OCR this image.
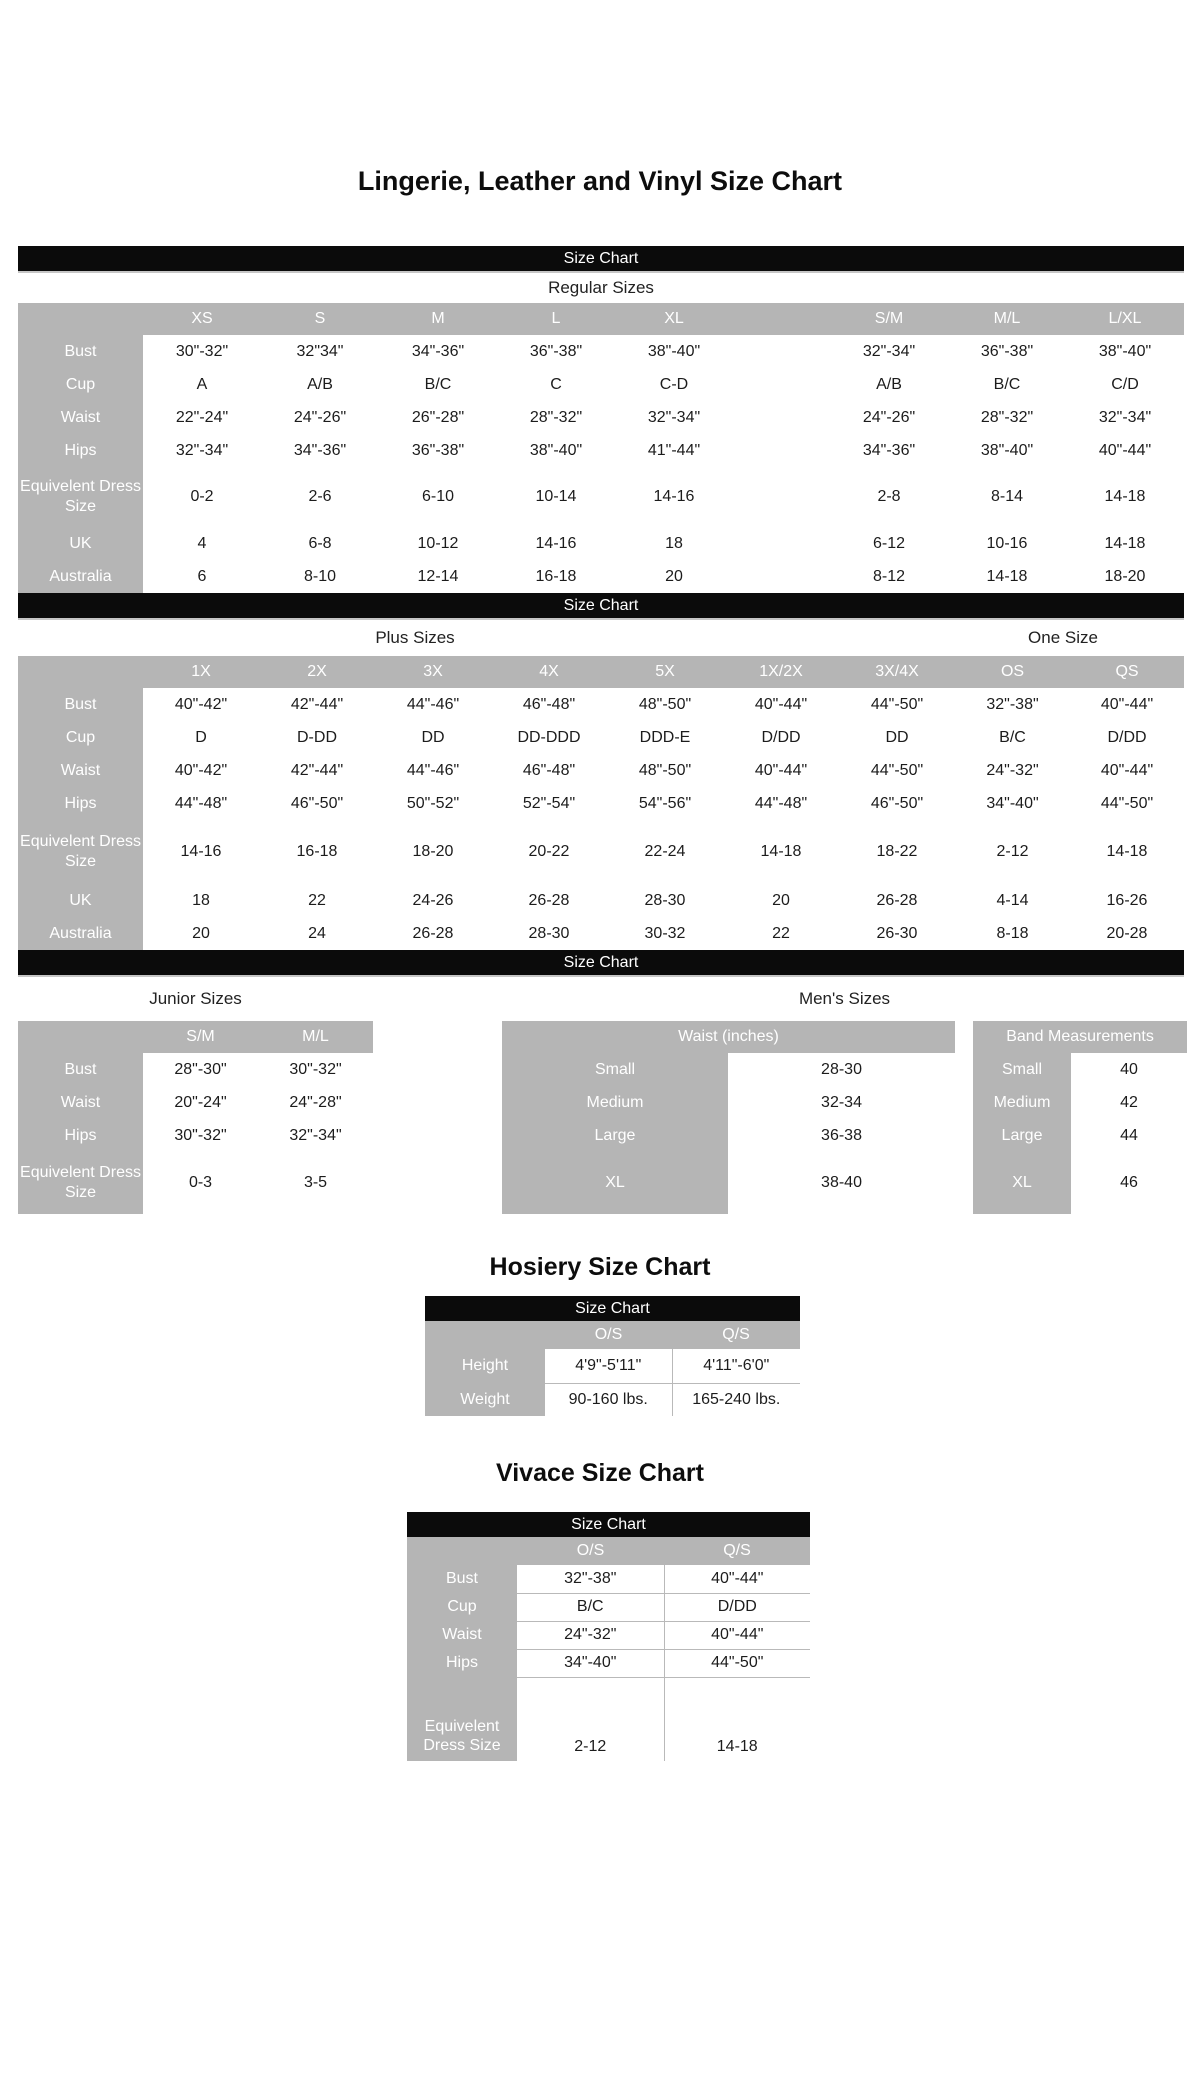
Lingerie, Leather and Vinyl Size Chart
Size Chart
Regular Sizes
	XS	S	M	L	XL		S/M	M/L	L/XL
Bust	30"-32"	32"34"	34"-36"	36"-38"	38"-40"		32"-34"	36"-38"	38"-40"
Cup	A	A/B	B/C	C	C-D		A/B	B/C	C/D
Waist	22"-24"	24"-26"	26"-28"	28"-32"	32"-34"		24"-26"	28"-32"	32"-34"
Hips	32"-34"	34"-36"	36"-38"	38"-40"	41"-44"		34"-36"	38"-40"	40"-44"
Equivelent Dress Size	0-2	2-6	6-10	10-14	14-16		2-8	8-14	14-18
UK	4	6-8	10-12	14-16	18		6-12	10-16	14-18
Australia	6	8-10	12-14	16-18	20		8-12	14-18	18-20
Size Chart
Plus Sizes	One Size
	1X	2X	3X	4X	5X	1X/2X	3X/4X	OS	QS
Bust	40"-42"	42"-44"	44"-46"	46"-48"	48"-50"	40"-44"	44"-50"	32"-38"	40"-44"
Cup	D	D-DD	DD	DD-DDD	DDD-E	D/DD	DD	B/C	D/DD
Waist	40"-42"	42"-44"	44"-46"	46"-48"	48"-50"	40"-44"	44"-50"	24"-32"	40"-44"
Hips	44"-48"	46"-50"	50"-52"	52"-54"	54"-56"	44"-48"	46"-50"	34"-40"	44"-50"
Equivelent Dress Size	14-16	16-18	18-20	20-22	22-24	14-18	18-22	2-12	14-18
UK	18	22	24-26	26-28	28-30	20	26-28	4-14	16-26
Australia	20	24	26-28	28-30	30-32	22	26-30	8-18	20-28
Size Chart
Junior Sizes
	S/M	M/L
Bust	28"-30"	30"-32"
Waist	20"-24"	24"-28"
Hips	30"-32"	32"-34"
Equivelent Dress Size	0-3	3-5
Men's Sizes
Waist (inches)			Band Measurements	
Small	28-30		Small	40
Medium	32-34		Medium	42
Large	36-38		Large	44
XL	38-40		XL	46
Hosiery Size Chart
Size Chart
	O/S	Q/S
Height	4'9"-5'11"	4'11"-6'0"
Weight	90-160 lbs.	165-240 lbs.
Vivace Size Chart
Size Chart
	O/S	Q/S
Bust	32"-38"	40"-44"
Cup	B/C	D/DD
Waist	24"-32"	40"-44"
Hips	34"-40"	44"-50"

Equivelent Dress Size	2-12	14-18
